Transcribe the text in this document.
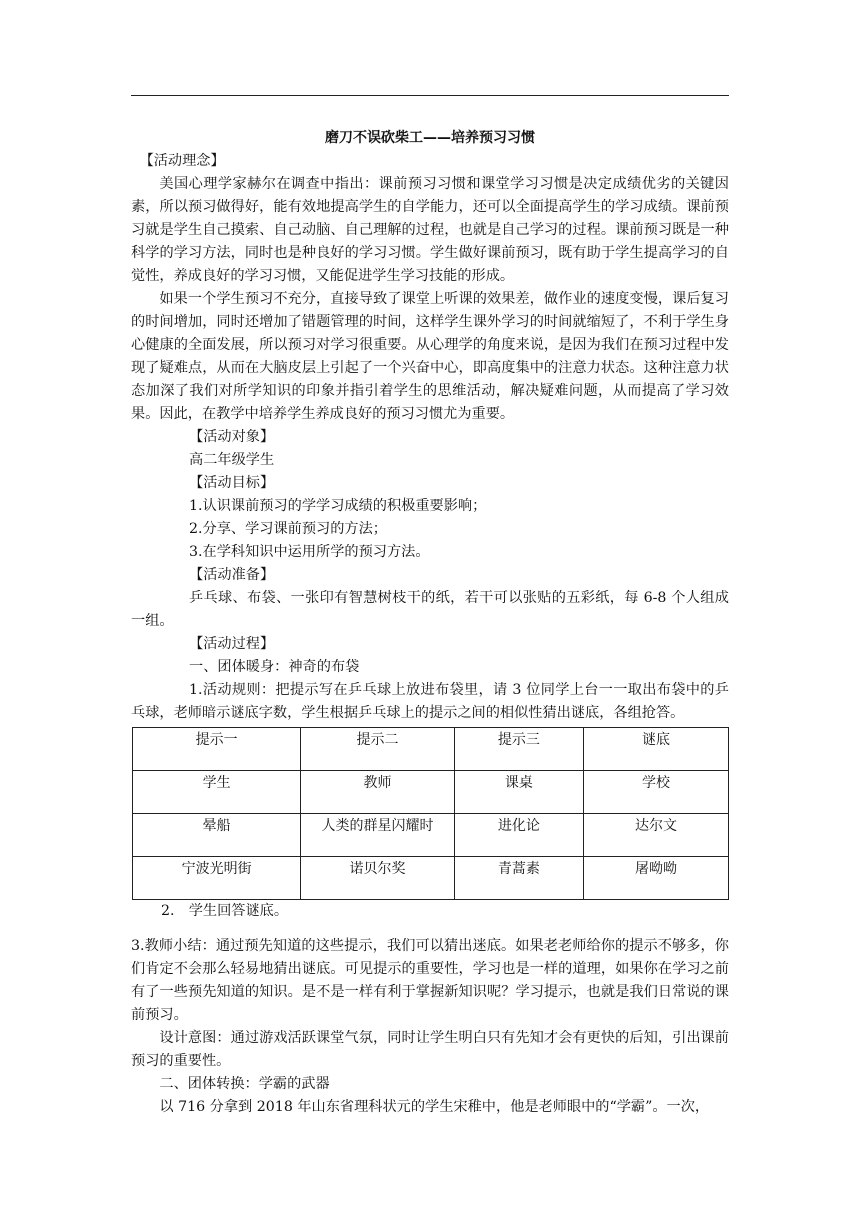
磨刀不误砍柴工——培养预习习惯

【活动理念】

美国心理学家赫尔在调查中指出：课前预习习惯和课堂学习习惯是决定成绩优劣的关键因素，所以预习做得好，能有效地提高学生的自学能力，还可以全面提高学生的学习成绩。课前预习就是学生自己摸索、自己动脑、自己理解的过程，也就是自己学习的过程。课前预习既是一种科学的学习方法，同时也是种良好的学习习惯。学生做好课前预习，既有助于学生提高学习的自觉性，养成良好的学习习惯，又能促进学生学习技能的形成。

如果一个学生预习不充分，直接导致了课堂上听课的效果差，做作业的速度变慢，课后复习的时间增加，同时还增加了错题管理的时间，这样学生课外学习的时间就缩短了，不利于学生身心健康的全面发展，所以预习对学习很重要。从心理学的角度来说，是因为我们在预习过程中发现了疑难点，从而在大脑皮层上引起了一个兴奋中心，即高度集中的注意力状态。这种注意力状态加深了我们对所学知识的印象并指引着学生的思维活动，解决疑难问题，从而提高了学习效果。因此，在教学中培养学生养成良好的预习习惯尤为重要。

【活动对象】

高二年级学生

【活动目标】

1.认识课前预习的学学习成绩的积极重要影响；

2.分享、学习课前预习的方法；

3.在学科知识中运用所学的预习方法。

【活动准备】

乒乓球、布袋、一张印有智慧树枝干的纸，若干可以张贴的五彩纸，每 6-8 个人组成一组。

【活动过程】

一、团体暖身：神奇的布袋

1.活动规则：把提示写在乒乓球上放进布袋里，请 3 位同学上台一一取出布袋中的乒乓球，老师暗示谜底字数，学生根据乒乓球上的提示之间的相似性猜出谜底，各组抢答。

提示一	提示二	提示三	谜底
学生	教师	课桌	学校
晕船	人类的群星闪耀时	进化论	达尔文
宁波光明街	诺贝尔奖	青蒿素	屠呦呦

2.　学生回答谜底。

3.教师小结：通过预先知道的这些提示，我们可以猜出迷底。如果老老师给你的提示不够多，你们肯定不会那么轻易地猜出谜底。可见提示的重要性，学习也是一样的道理，如果你在学习之前有了一些预先知道的知识。是不是一样有利于掌握新知识呢？学习提示，也就是我们日常说的课前预习。

设计意图：通过游戏活跃课堂气氛，同时让学生明白只有先知才会有更快的后知，引出课前预习的重要性。

二、团体转换：学霸的武器

以 716 分拿到 2018 年山东省理科状元的学生宋稚中，他是老师眼中的“学霸”。一次，
